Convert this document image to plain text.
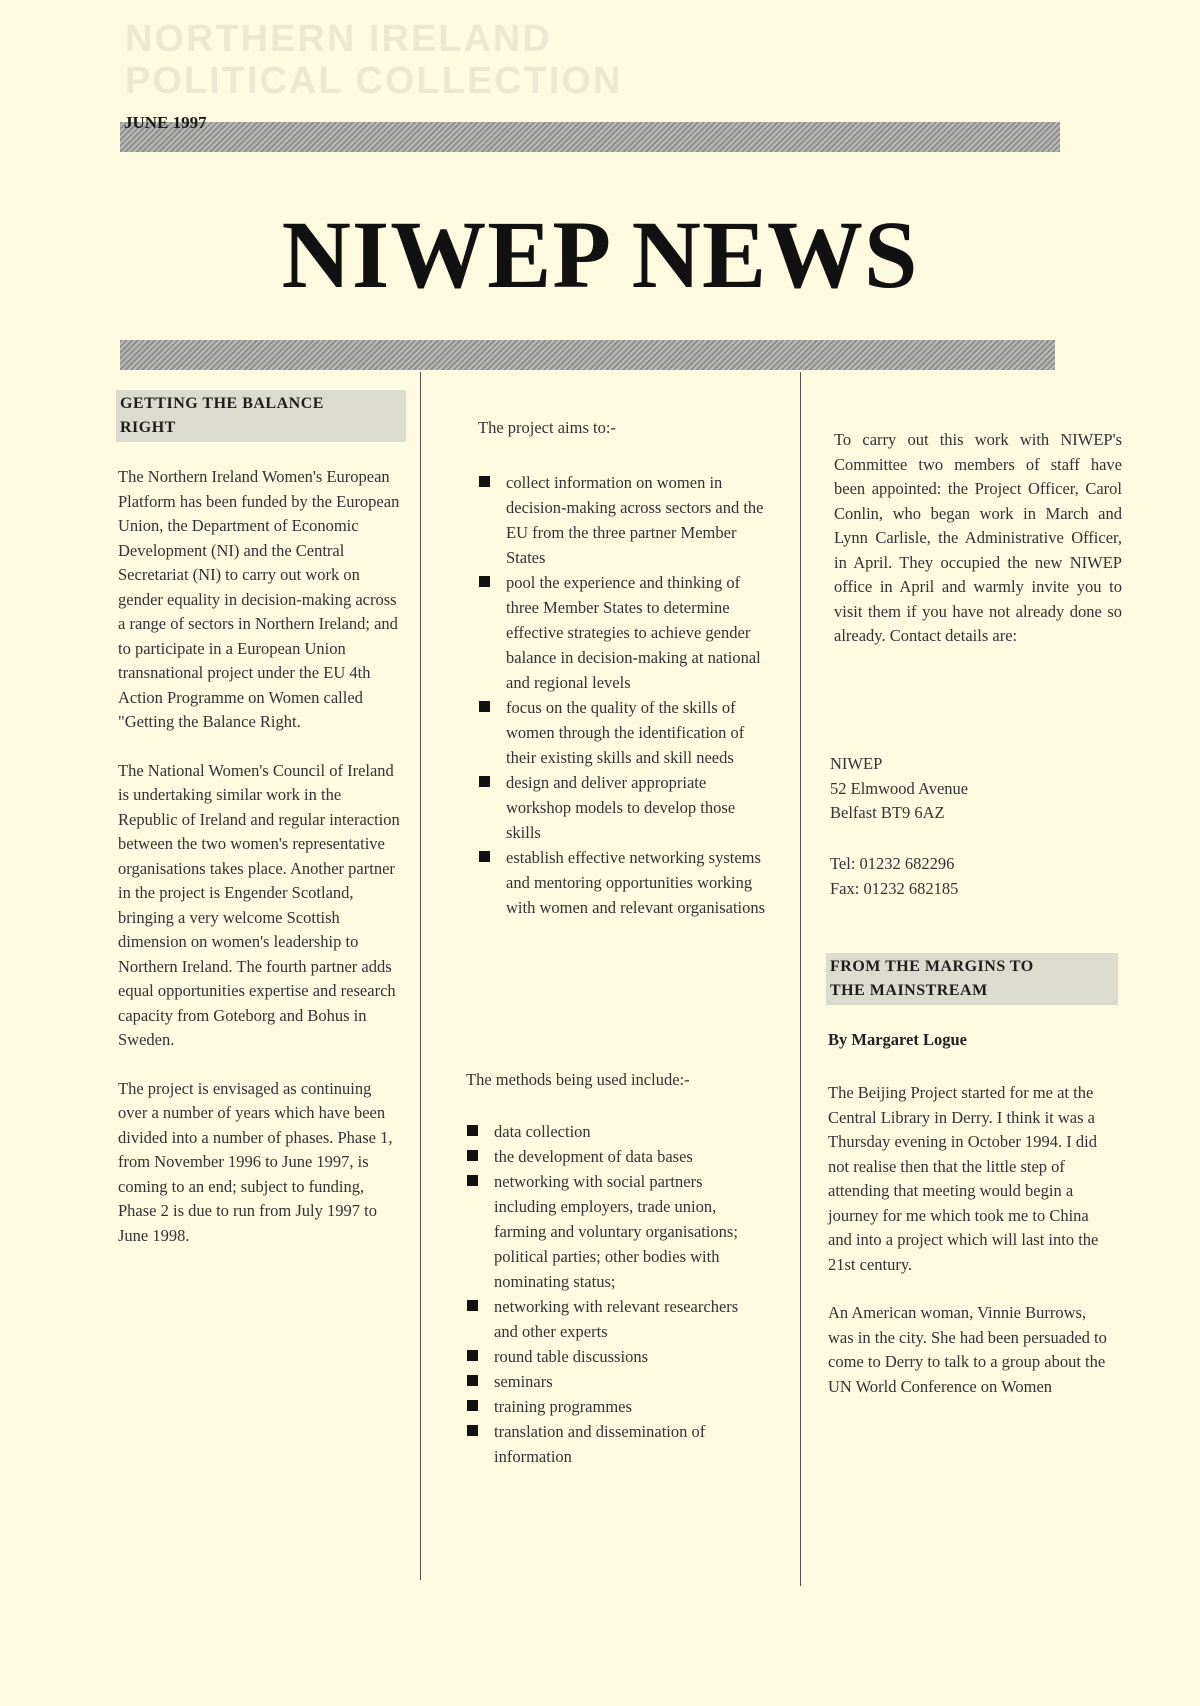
NORTHERN IRELAND
POLITICAL COLLECTION
JUNE 1997
NIWEP NEWS
GETTING THE BALANCE
RIGHT

The Northern Ireland Women's European Platform has been funded by the European Union, the Department of Economic Development (NI) and the Central Secretariat (NI) to carry out work on gender equality in decision-making across a range of sectors in Northern Ireland; and to participate in a European Union transnational project under the EU 4th Action Programme on Women called "Getting the Balance Right.

The National Women's Council of Ireland is undertaking similar work in the Republic of Ireland and regular interaction between the two women's representative organisations takes place. Another partner in the project is Engender Scotland, bringing a very welcome Scottish dimension on women's leadership to Northern Ireland. The fourth partner adds equal opportunities expertise and research capacity from Goteborg and Bohus in Sweden.

The project is envisaged as continuing over a number of years which have been divided into a number of phases. Phase 1, from November 1996 to June 1997, is coming to an end; subject to funding, Phase 2 is due to run from July 1997 to June 1998.

The project aims to:-
collect information on women in decision-making across sectors and the EU from the three partner Member States
pool the experience and thinking of three Member States to determine effective strategies to achieve gender balance in decision-making at national and regional levels
focus on the quality of the skills of women through the identification of their existing skills and skill needs
design and deliver appropriate workshop models to develop those skills
establish effective networking systems and mentoring opportunities working with women and relevant organisations
The methods being used include:-
data collection
the development of data bases
networking with social partners including employers, trade union, farming and voluntary organisations; political parties; other bodies with nominating status;
networking with relevant researchers and other experts
round table discussions
seminars
training programmes
translation and dissemination of information
To carry out this work with NIWEP's Committee two members of staff have been appointed: the Project Officer, Carol Conlin, who began work in March and Lynn Carlisle, the Administrative Officer, in April. They occupied the new NIWEP office in April and warmly invite you to visit them if you have not already done so already. Contact details are:
NIWEP
52 Elmwood Avenue
Belfast BT9 6AZ
Tel: 01232 682296
Fax: 01232 682185
FROM THE MARGINS TO
THE MAINSTREAM
By Margaret Logue

The Beijing Project started for me at the Central Library in Derry. I think it was a Thursday evening in October 1994. I did not realise then that the little step of attending that meeting would begin a journey for me which took me to China and into a project which will last into the 21st century.

An American woman, Vinnie Burrows, was in the city. She had been persuaded to come to Derry to talk to a group about the UN World Conference on Women
